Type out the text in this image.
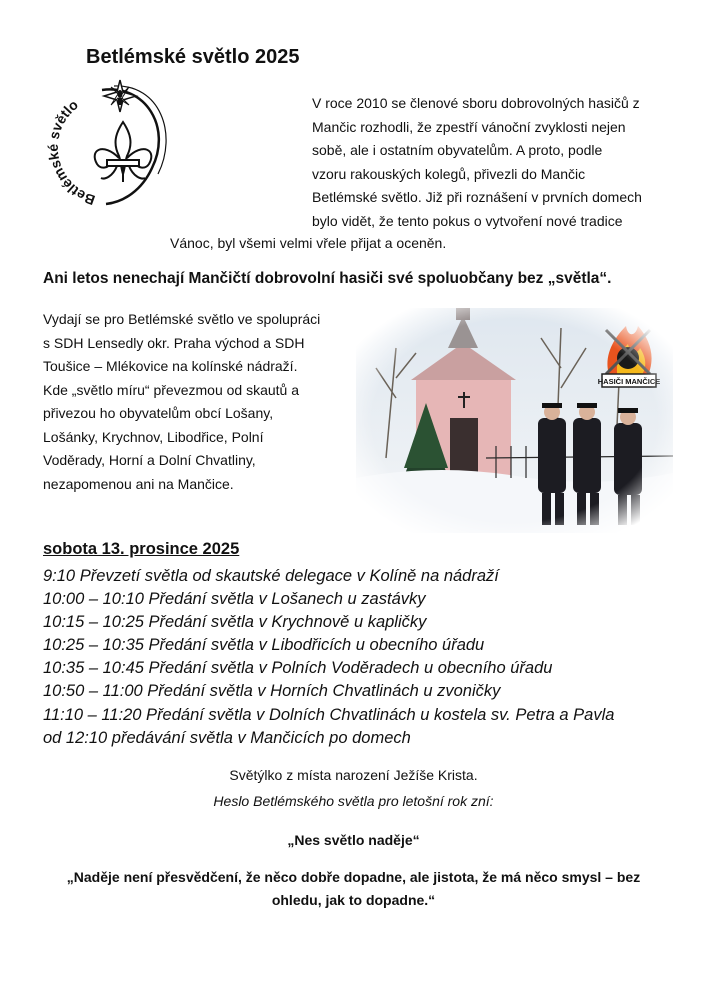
Betlémské světlo 2025
Betlémské světlo	V roce 2010 se členové sboru dobrovolných hasičů z
Mančic rozhodli, že zpestří vánoční zvyklosti nejen
sobě, ale i ostatním obyvatelům. A proto, podle
vzoru rakouských kolegů, přivezli do Mančic
Betlémské světlo. Již při roznášení v prvních domech
bylo vidět, že tento pokus o vytvoření nové tradice
Vánoc, byl všemi velmi vřele přijat a oceněn.
Ani letos nenechají Mančičtí dobrovolní hasiči své spoluobčany bez „světla“.
Vydají se pro Betlémské světlo ve spolupráci
s SDH Lensedly okr. Praha východ a SDH
Toušice – Mlékovice na kolínské nádraží.
Kde „světlo míru“ převezmou od skautů a
přivezou ho obyvatelům obcí Lošany,
Lošánky, Krychnov, Libodřice, Polní
Voděrady, Horní a Dolní Chvatliny,
nezapomenou ani na Mančice.
sobota 13. prosince 2025
9:10 Převzetí světla od skautské delegace v Kolíně na nádraží
10:00 – 10:10 Předání světla v Lošanech u zastávky
10:15 – 10:25 Předání světla v Krychnově u kapličky
10:25 – 10:35 Předání světla v Libodřicích u obecního úřadu
10:35 – 10:45 Předání světla v Polních Voděradech u obecního úřadu
10:50 – 11:00 Předání světla v Horních Chvatlinách u zvoničky
11:10 – 11:20 Předání světla v Dolních Chvatlinách u kostela sv. Petra a Pavla
od 12:10 předávání světla v Mančicích po domech
Světýlko z místa narození Ježíše Krista.
Heslo Betlémského světla pro letošní rok zní:
„Nes světlo naděje“
„Naděje není přesvědčení, že něco dobře dopadne, ale jistota, že má něco smysl – bez
ohledu, jak to dopadne.“
